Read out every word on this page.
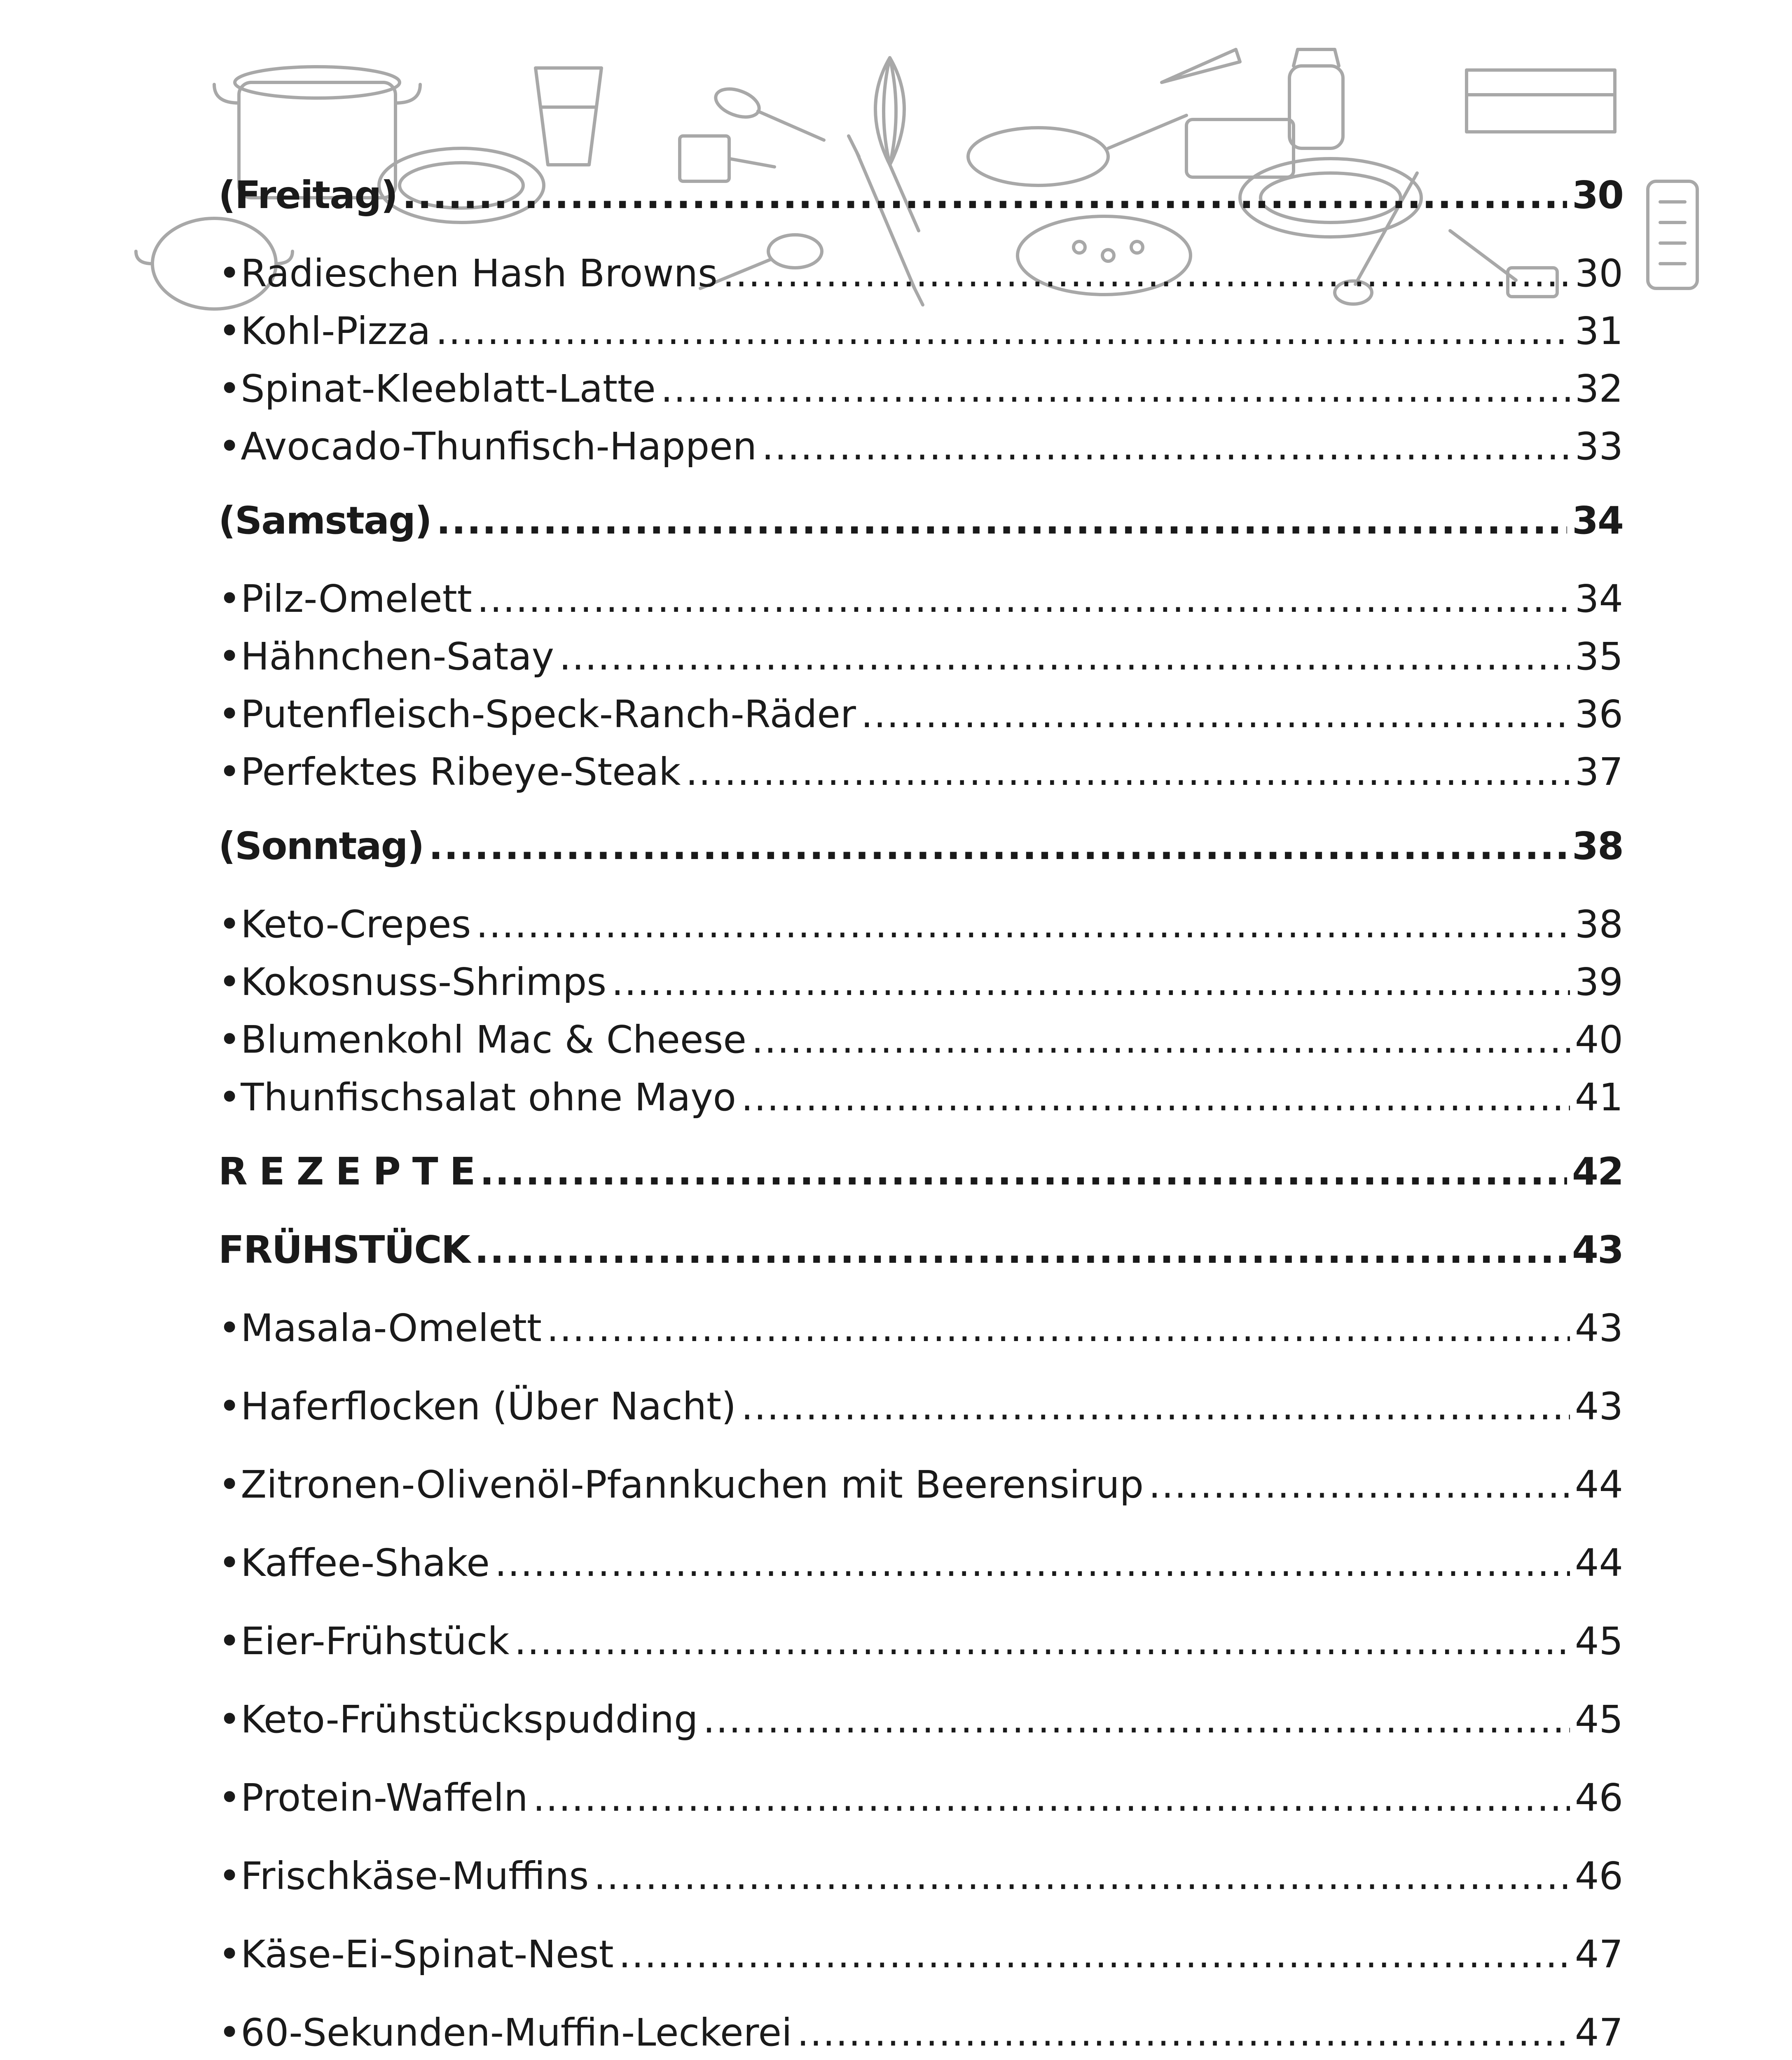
(Freitag) .....	30
• Radieschen Hash Browns .....	30
• Kohl-Pizza .....	31
• Spinat-Kleeblatt-Latte .....	32
• Avocado-Thunfisch-Happen .....	33
(Samstag) .....	34
• Pilz-Omelett .....	34
• Hähnchen-Satay .....	35
• Putenfleisch-Speck-Ranch-Räder .....	36
• Perfektes Ribeye-Steak .....	37
(Sonntag) .....	38
• Keto-Crepes .....	38
• Kokosnuss-Shrimps .....	39
• Blumenkohl Mac & Cheese .....	40
• Thunfischsalat ohne Mayo .....	41
R E Z E P T E .....	42
FRÜHSTÜCK .....	43
• Masala-Omelett .....	43
• Haferflocken (Über Nacht) .....	43
• Zitronen-Olivenöl-Pfannkuchen mit Beerensirup .....	44
• Kaffee-Shake .....	44
• Eier-Frühstück .....	45
• Keto-Frühstückspudding .....	45
• Protein-Waffeln .....	46
• Frischkäse-Muffins .....	46
• Käse-Ei-Spinat-Nest .....	47
• 60-Sekunden-Muffin-Leckerei .....	47
